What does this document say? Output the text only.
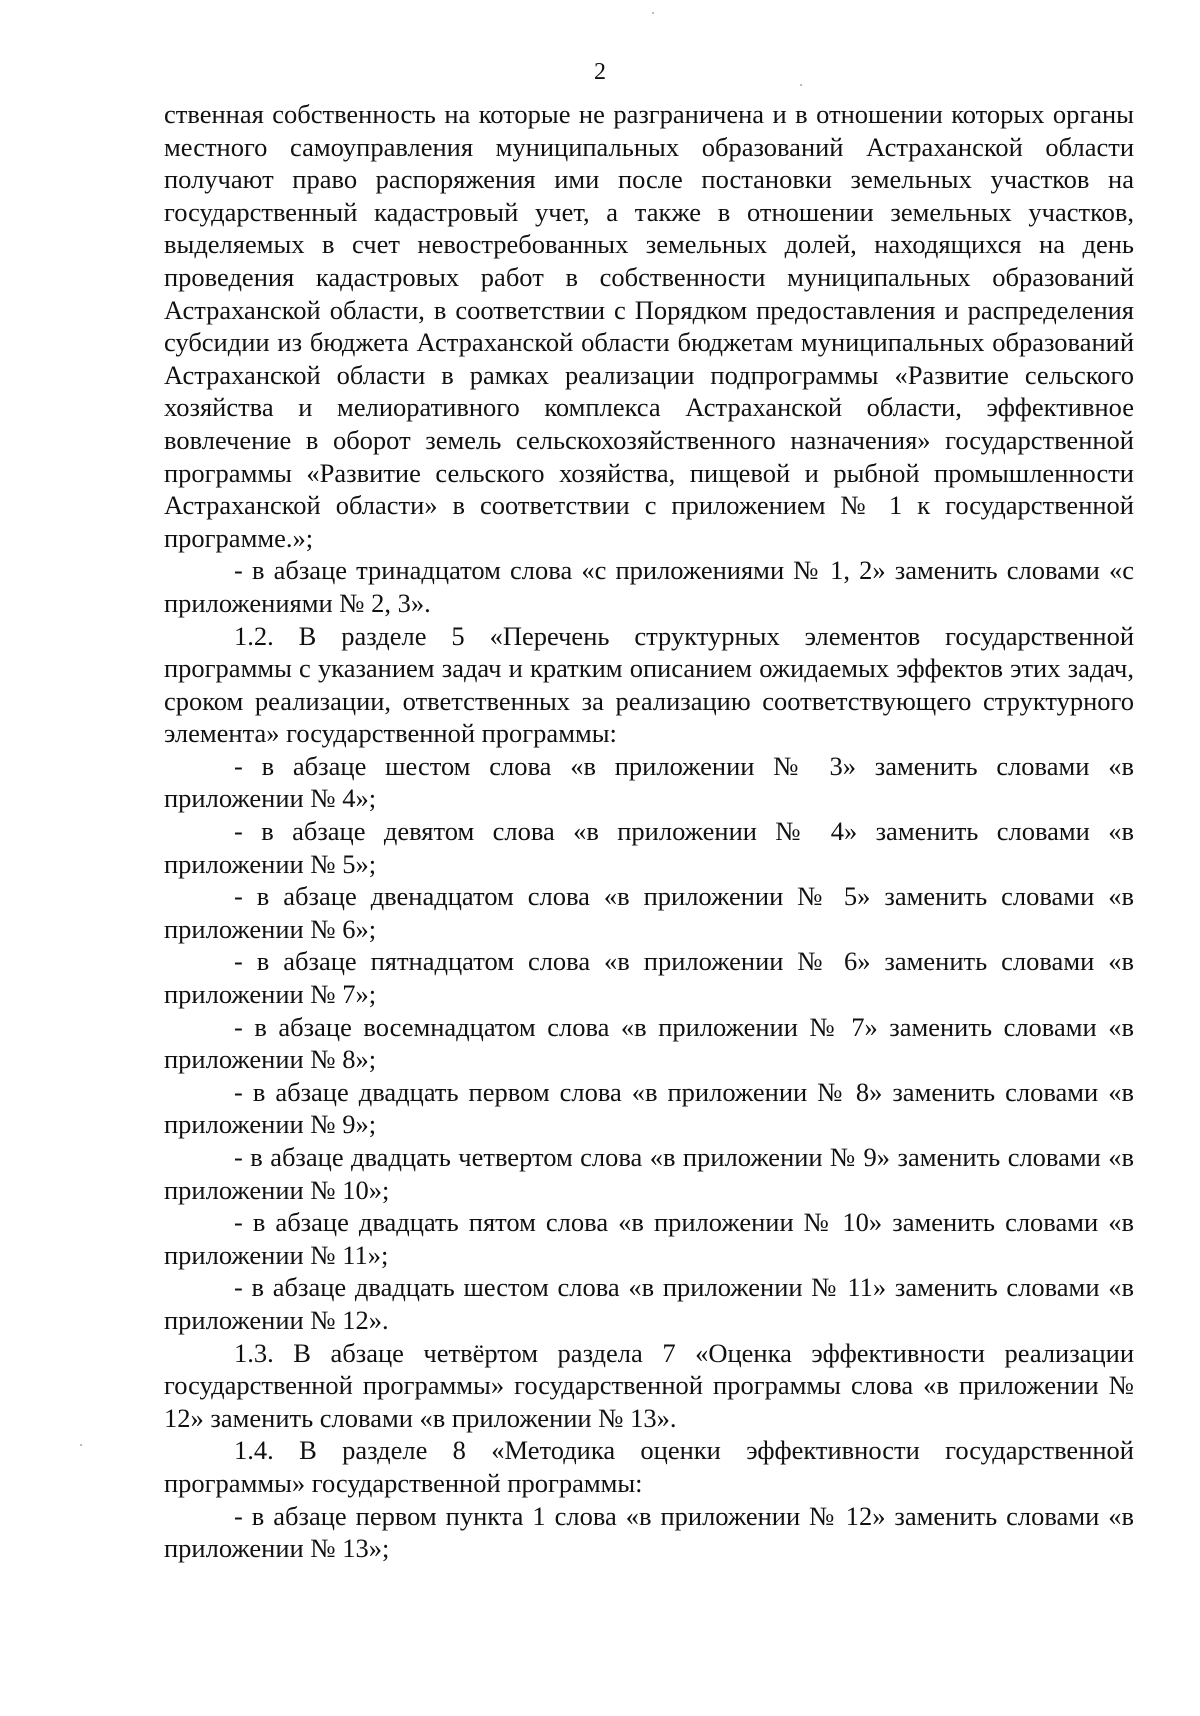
2

ственная собственность на которые не разграничена и в отношении которых органы местного самоуправления муниципальных образований Астраханской области получают право распоряжения ими после постановки земельных участков на государственный кадастровый учет, а также в отношении земельных участков, выделяемых в счет невостребованных земельных долей, находящихся на день проведения кадастровых работ в собственности муниципальных образований Астраханской области, в соответствии с Порядком предоставления и распределения субсидии из бюджета Астраханской области бюджетам муниципальных образований Астраханской области в рамках реализации подпрограммы «Развитие сельского хозяйства и мелиоративного комплекса Астраханской области, эффективное вовлечение в оборот земель сельскохозяйственного назначения» государственной программы «Развитие сельского хозяйства, пищевой и рыбной промышленности Астраханской области» в соответствии с приложением № 1 к государственной программе.»;

- в абзаце тринадцатом слова «с приложениями № 1, 2» заменить словами «с приложениями № 2, 3».

1.2. В разделе 5 «Перечень структурных элементов государственной программы с указанием задач и кратким описанием ожидаемых эффектов этих задач, сроком реализации, ответственных за реализацию соответствующего структурного элемента» государственной программы:

- в абзаце шестом слова «в приложении № 3» заменить словами «в приложении № 4»;

- в абзаце девятом слова «в приложении № 4» заменить словами «в приложении № 5»;

- в абзаце двенадцатом слова «в приложении № 5» заменить словами «в приложении № 6»;

- в абзаце пятнадцатом слова «в приложении № 6» заменить словами «в приложении № 7»;

- в абзаце восемнадцатом слова «в приложении № 7» заменить словами «в приложении № 8»;

- в абзаце двадцать первом слова «в приложении № 8» заменить словами «в приложении № 9»;

- в абзаце двадцать четвертом слова «в приложении № 9» заменить словами «в приложении № 10»;

- в абзаце двадцать пятом слова «в приложении № 10» заменить словами «в приложении № 11»;

- в абзаце двадцать шестом слова «в приложении № 11» заменить словами «в приложении № 12».

1.3. В абзаце четвёртом раздела 7 «Оценка эффективности реализации государственной программы» государственной программы слова «в приложении № 12» заменить словами «в приложении № 13».

1.4. В разделе 8 «Методика оценки эффективности государственной программы» государственной программы:

- в абзаце первом пункта 1 слова «в приложении № 12» заменить словами «в приложении № 13»;
